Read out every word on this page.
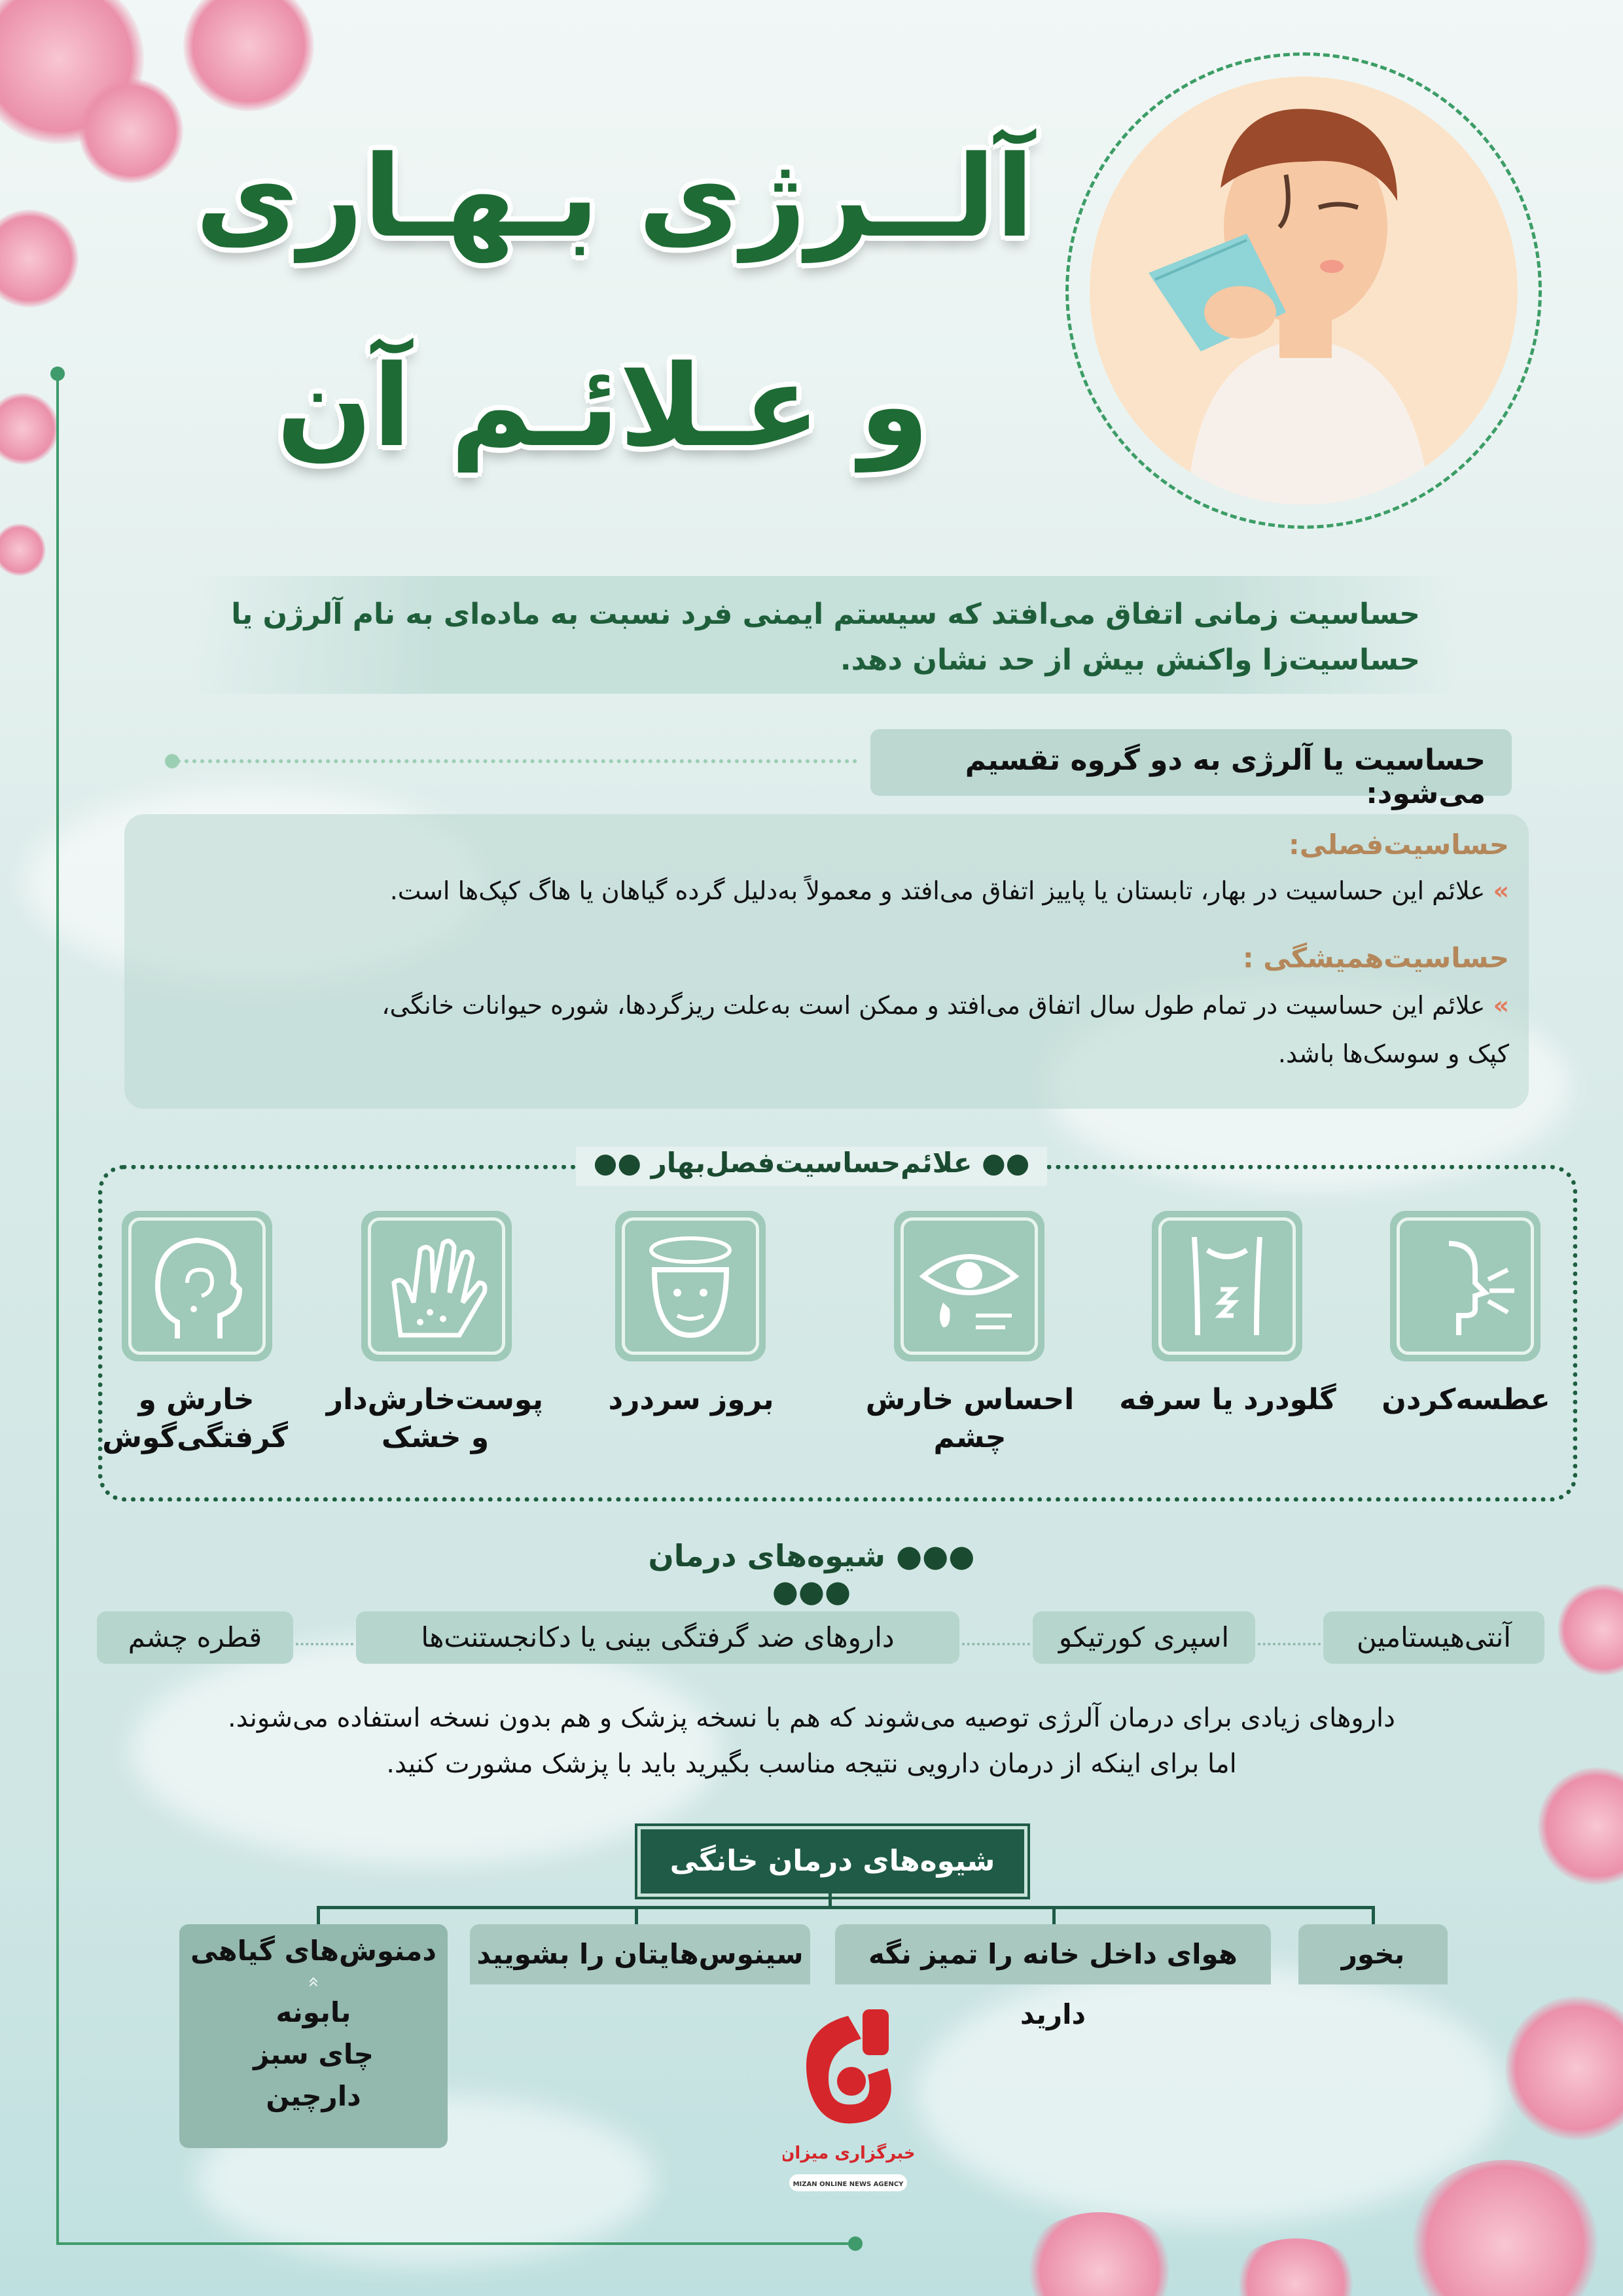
آلــرژی بـهـاری
و عـلائـم آن

حساسیت زمانی اتفاق می‌افتد که سیستم ایمنی فرد نسبت به ماده‌ای به نام آلرژن یا حساسیت‌زا واکنش بیش از حد نشان دهد.

حساسیت یا آلرژی به دو گروه تقسیم می‌شود:
حساسیت‌فصلی:
» علائم این حساسیت در بهار، تابستان یا پاییز اتفاق می‌افتد و معمولاً به‌دلیل گرده گیاهان یا هاگ کپک‌ها است.
حساسیت‌همیشگی :
» علائم این حساسیت در تمام طول سال اتفاق می‌افتد و ممکن است به‌علت ریزگردها، شوره حیوانات خانگی،
کپک و سوسک‌ها باشد.
●● علائم‌حساسیت‌فصل‌بهار ●●
عطسه‌کردن
گلودرد یا سرفه
احساس خارش چشم
بروز سردرد
پوست‌خارش‌دار و خشک
خارش و گرفتگی‌گوش
●●● شیوه‌های درمان ●●●
آنتی‌هیستامین
اسپری کورتیکو
داروهای ضد گرفتگی بینی یا دکانجستنت‌ها
قطره چشم
داروهای زیادی برای درمان آلرژی توصیه می‌شوند که هم با نسخه پزشک و هم بدون نسخه استفاده می‌شوند.
اما برای اینکه از درمان دارویی نتیجه مناسب بگیرید باید با پزشک مشورت کنید.
شیوه‌های درمان خانگی
بخور
هوای داخل خانه را تمیز نگه دارید
سینوس‌هایتان را بشویید
دمنوش‌های گیاهی
»
بابونه
چای سبز
دارچین
خبرگزاری میزان
MIZAN ONLINE NEWS AGENCY
